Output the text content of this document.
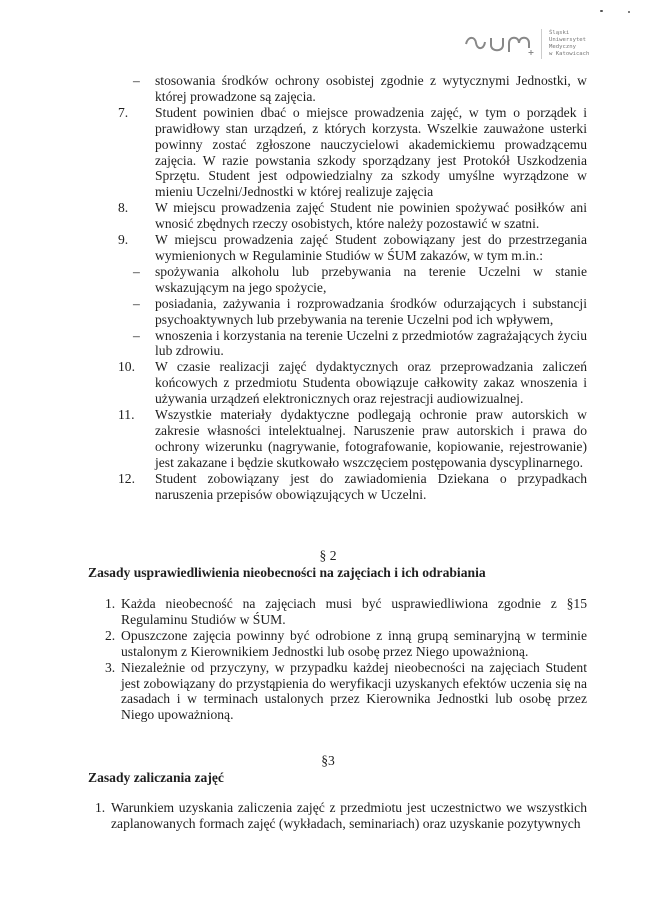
Śląski
Uniwersytet
Medyczny
w Katowicach
– stosowania środków ochrony osobistej zgodnie z wytycznymi Jednostki, w której prowadzone są zajęcia.
7. Student powinien dbać o miejsce prowadzenia zajęć, w tym o porządek i prawidłowy stan urządzeń, z których korzysta. Wszelkie zauważone usterki powinny zostać zgłoszone nauczycielowi akademickiemu prowadzącemu zajęcia. W razie powstania szkody sporządzany jest Protokół Uszkodzenia Sprzętu. Student jest odpowiedzialny za szkody umyślne wyrządzone w mieniu Uczelni/Jednostki w której realizuje zajęcia
8. W miejscu prowadzenia zajęć Student nie powinien spożywać posiłków ani wnosić zbędnych rzeczy osobistych, które należy pozostawić w szatni.
9. W miejscu prowadzenia zajęć Student zobowiązany jest do przestrzegania wymienionych w Regulaminie Studiów w ŚUM zakazów, w tym m.in.:
– spożywania alkoholu lub przebywania na terenie Uczelni w stanie wskazującym na jego spożycie,
– posiadania, zażywania i rozprowadzania środków odurzających i substancji psychoaktywnych lub przebywania na terenie Uczelni pod ich wpływem,
– wnoszenia i korzystania na terenie Uczelni z przedmiotów zagrażających życiu lub zdrowiu.
10. W czasie realizacji zajęć dydaktycznych oraz przeprowadzania zaliczeń końcowych z przedmiotu Studenta obowiązuje całkowity zakaz wnoszenia i używania urządzeń elektronicznych oraz rejestracji audiowizualnej.
11. Wszystkie materiały dydaktyczne podlegają ochronie praw autorskich w zakresie własności intelektualnej. Naruszenie praw autorskich i prawa do ochrony wizerunku (nagrywanie, fotografowanie, kopiowanie, rejestrowanie) jest zakazane i będzie skutkowało wszczęciem postępowania dyscyplinarnego.
12. Student zobowiązany jest do zawiadomienia Dziekana o przypadkach naruszenia przepisów obowiązujących w Uczelni.
§ 2
Zasady usprawiedliwienia nieobecności na zajęciach i ich odrabiania
1. Każda nieobecność na zajęciach musi być usprawiedliwiona zgodnie z §15 Regulaminu Studiów w ŚUM.
2. Opuszczone zajęcia powinny być odrobione z inną grupą seminaryjną w terminie ustalonym z Kierownikiem Jednostki lub osobę przez Niego upoważnioną.
3. Niezależnie od przyczyny, w przypadku każdej nieobecności na zajęciach Student jest zobowiązany do przystąpienia do weryfikacji uzyskanych efektów uczenia się na zasadach i w terminach ustalonych przez Kierownika Jednostki lub osobę przez Niego upoważnioną.
§3
Zasady zaliczania zajęć
1. Warunkiem uzyskania zaliczenia zajęć z przedmiotu jest uczestnictwo we wszystkich zaplanowanych formach zajęć (wykładach, seminariach) oraz uzyskanie pozytywnych
